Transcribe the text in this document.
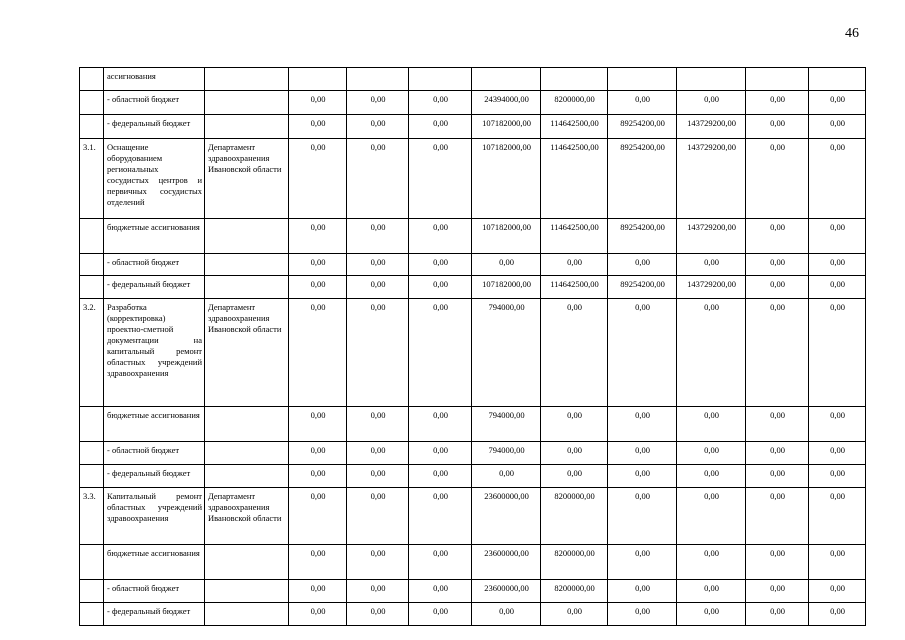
46
	ассигнования										
	- областной бюджет		0,00	0,00	0,00	24394000,00	8200000,00	0,00	0,00	0,00	0,00
	- федеральный бюджет		0,00	0,00	0,00	107182000,00	114642500,00	89254200,00	143729200,00	0,00	0,00
3.1.	Оснащение оборудованием региональных сосудистых центров и первичных сосудистых отделений	Департамент здравоохранения Ивановской области	0,00	0,00	0,00	107182000,00	114642500,00	89254200,00	143729200,00	0,00	0,00
	бюджетные ассигнования		0,00	0,00	0,00	107182000,00	114642500,00	89254200,00	143729200,00	0,00	0,00
	- областной бюджет		0,00	0,00	0,00	0,00	0,00	0,00	0,00	0,00	0,00
	- федеральный бюджет		0,00	0,00	0,00	107182000,00	114642500,00	89254200,00	143729200,00	0,00	0,00
3.2.	Разработка (корректировка) проектно-сметной документации на капитальный ремонт областных учреждений здравоохранения	Департамент здравоохранения Ивановской области	0,00	0,00	0,00	794000,00	0,00	0,00	0,00	0,00	0,00
	бюджетные ассигнования		0,00	0,00	0,00	794000,00	0,00	0,00	0,00	0,00	0,00
	- областной бюджет		0,00	0,00	0,00	794000,00	0,00	0,00	0,00	0,00	0,00
	- федеральный бюджет		0,00	0,00	0,00	0,00	0,00	0,00	0,00	0,00	0,00
3.3.	Капитальный ремонт областных учреждений здравоохранения	Департамент здравоохранения Ивановской области	0,00	0,00	0,00	23600000,00	8200000,00	0,00	0,00	0,00	0,00
	бюджетные ассигнования		0,00	0,00	0,00	23600000,00	8200000,00	0,00	0,00	0,00	0,00
	- областной бюджет		0,00	0,00	0,00	23600000,00	8200000,00	0,00	0,00	0,00	0,00
	- федеральный бюджет		0,00	0,00	0,00	0,00	0,00	0,00	0,00	0,00	0,00
